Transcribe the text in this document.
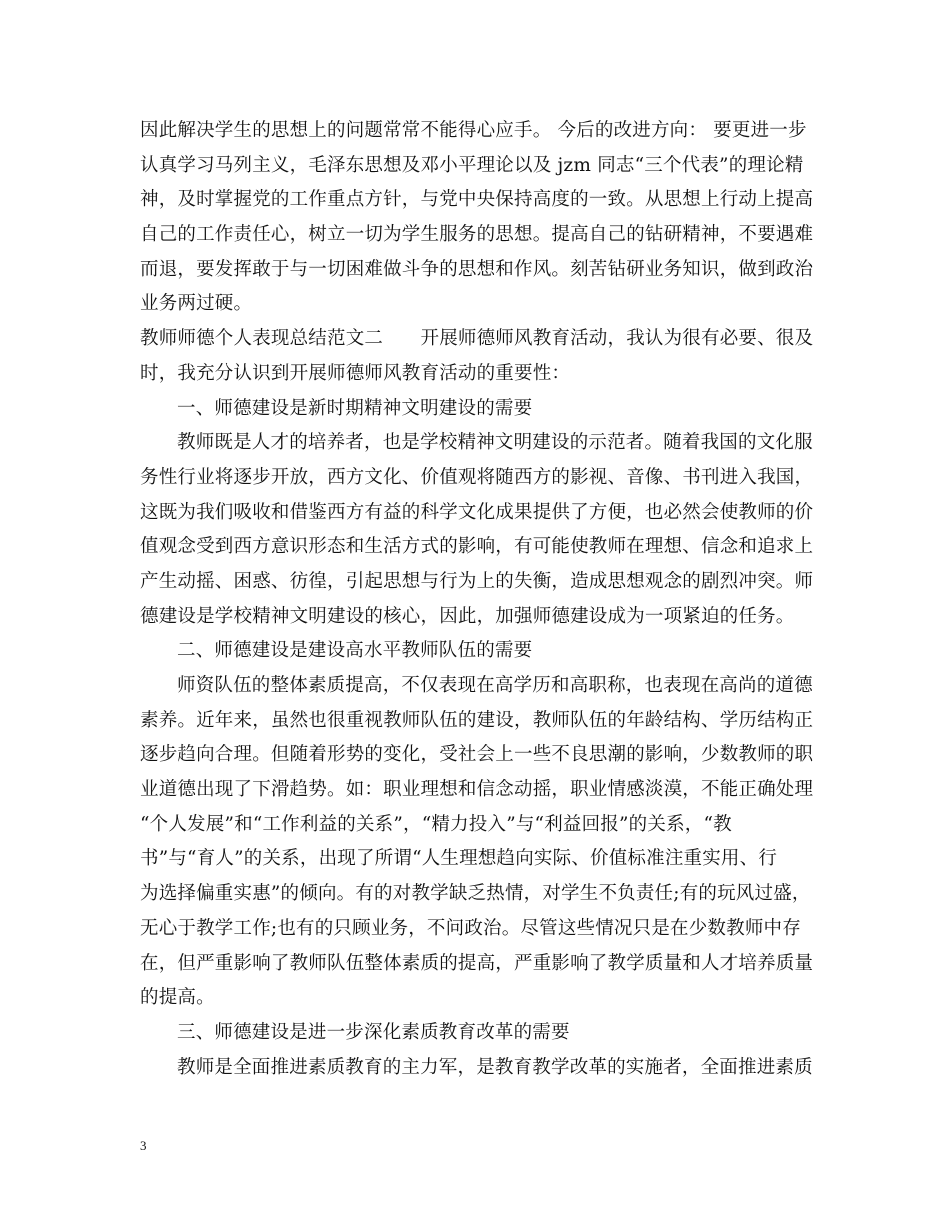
因此解决学生的思想上的问题常常不能得心应手。 今后的改进方向： 要更进一步
认真学习马列主义，毛泽东思想及邓小平理论以及 jzm 同志“三个代表”的理论精
神，及时掌握党的工作重点方针，与党中央保持高度的一致。从思想上行动上提高
自己的工作责任心，树立一切为学生服务的思想。提高自己的钻研精神，不要遇难
而退，要发挥敢于与一切困难做斗争的思想和作风。刻苦钻研业务知识，做到政治
业务两过硬。
教师师德个人表现总结范文二　　开展师德师风教育活动，我认为很有必要、很及
时，我充分认识到开展师德师风教育活动的重要性：
一、师德建设是新时期精神文明建设的需要
教师既是人才的培养者，也是学校精神文明建设的示范者。随着我国的文化服
务性行业将逐步开放，西方文化、价值观将随西方的影视、音像、书刊进入我国，
这既为我们吸收和借鉴西方有益的科学文化成果提供了方便，也必然会使教师的价
值观念受到西方意识形态和生活方式的影响，有可能使教师在理想、信念和追求上
产生动摇、困惑、彷徨，引起思想与行为上的失衡，造成思想观念的剧烈冲突。师
德建设是学校精神文明建设的核心，因此，加强师德建设成为一项紧迫的任务。
二、师德建设是建设高水平教师队伍的需要
师资队伍的整体素质提高，不仅表现在高学历和高职称，也表现在高尚的道德
素养。近年来，虽然也很重视教师队伍的建设，教师队伍的年龄结构、学历结构正
逐步趋向合理。但随着形势的变化，受社会上一些不良思潮的影响，少数教师的职
业道德出现了下滑趋势。如：职业理想和信念动摇，职业情感淡漠，不能正确处理
“个人发展”和“工作利益的关系”，“精力投入”与“利益回报”的关系，“教
书”与“育人”的关系，出现了所谓“人生理想趋向实际、价值标准注重实用、行
为选择偏重实惠”的倾向。有的对教学缺乏热情，对学生不负责任;有的玩风过盛，
无心于教学工作;也有的只顾业务，不问政治。尽管这些情况只是在少数教师中存
在，但严重影响了教师队伍整体素质的提高，严重影响了教学质量和人才培养质量
的提高。
三、师德建设是进一步深化素质教育改革的需要
教师是全面推进素质教育的主力军，是教育教学改革的实施者，全面推进素质
3
